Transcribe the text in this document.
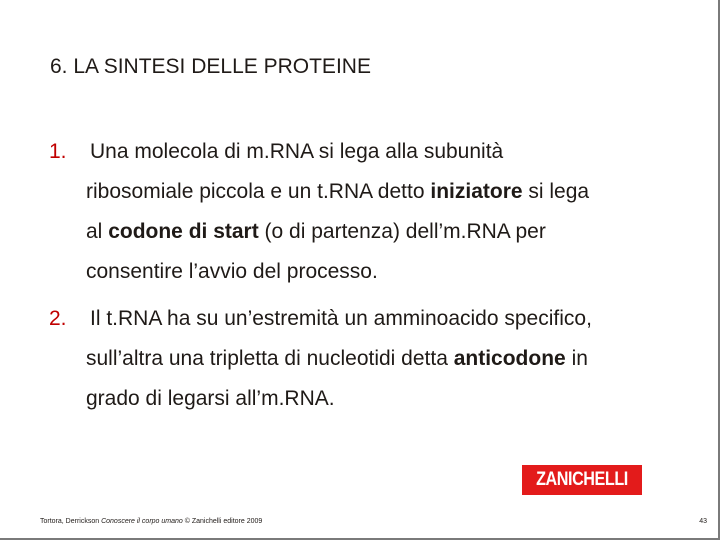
6. LA SINTESI DELLE PROTEINE
1.	Una molecola di m.RNA si lega alla subunità
ribosomiale piccola e un t.RNA detto iniziatore si lega
al codone di start (o di partenza) dell’m.RNA per
consentire l’avvio del processo.
2.	Il t.RNA ha su un’estremità un amminoacido specifico,
sull’altra una tripletta di nucleotidi detta anticodone in
grado di legarsi all’m.RNA.
ZANICHELLI
Tortora, Derrickson Conoscere il corpo umano © Zanichelli editore 2009	43
